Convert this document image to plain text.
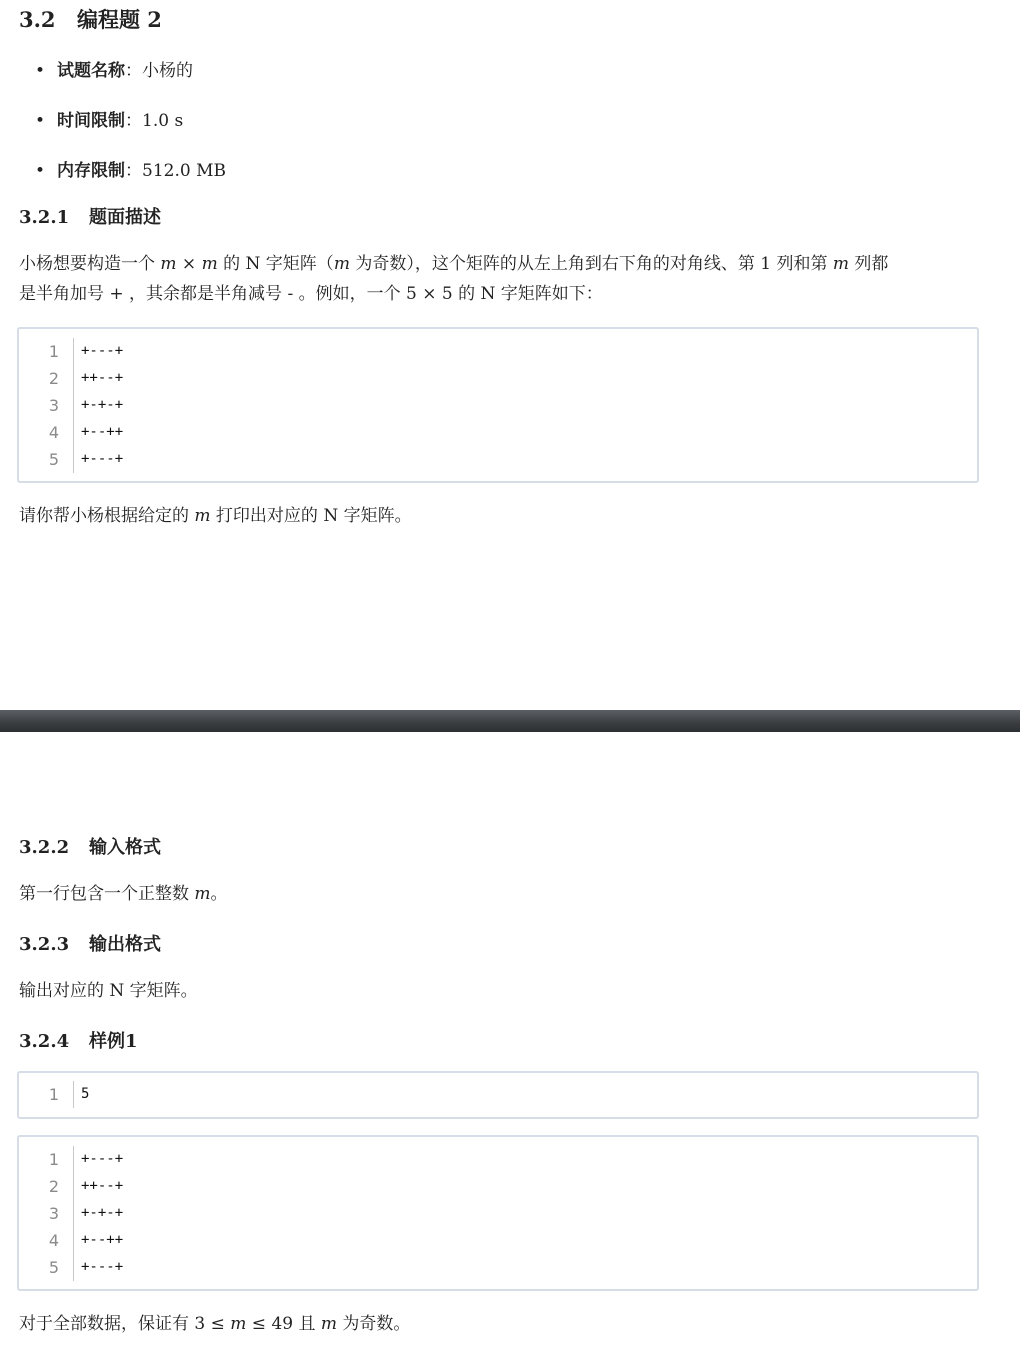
3.2 编程题 2
• 试题名称：小杨的
• 时间限制：1.0 s
• 内存限制：512.0 MB
3.2.1 题面描述
小杨想要构造一个 m × m 的 N 字矩阵（m 为奇数），这个矩阵的从左上角到右下角的对角线、第 1 列和第 m 列都
是半角加号 + ，其余都是半角减号 - 。例如，一个 5 × 5 的 N 字矩阵如下：
1	+---+
2	++--+
3	+-+-+
4	+--++
5	+---+
请你帮小杨根据给定的 m 打印出对应的 N 字矩阵。
3.2.2 输入格式
第一行包含一个正整数 m。
3.2.3 输出格式
输出对应的 N 字矩阵。
3.2.4 样例1
1	5
1	+---+
2	++--+
3	+-+-+
4	+--++
5	+---+
对于全部数据，保证有 3 ≤ m ≤ 49 且 m 为奇数。
